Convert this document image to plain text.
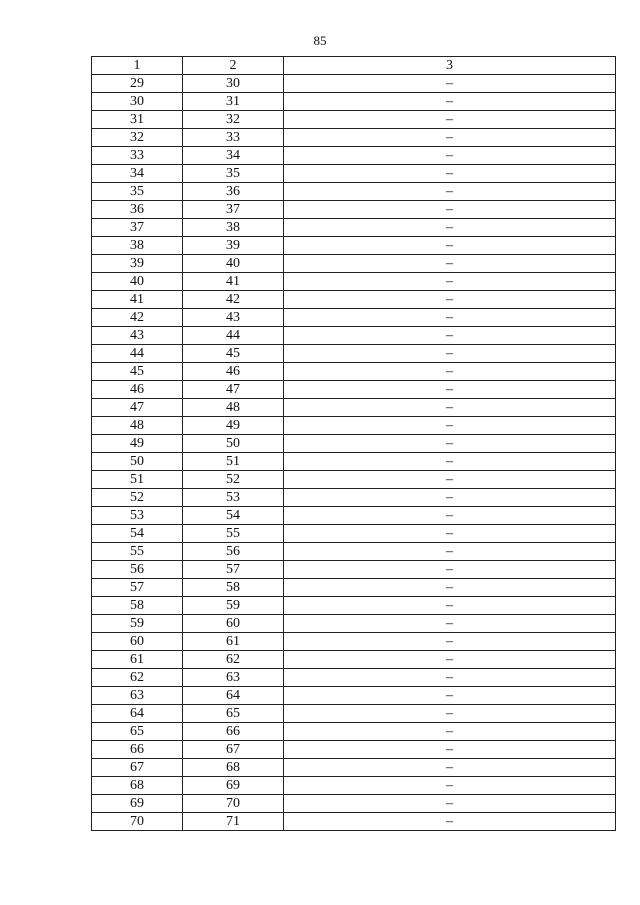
85
1	2	3
29	30	–
30	31	–
31	32	–
32	33	–
33	34	–
34	35	–
35	36	–
36	37	–
37	38	–
38	39	–
39	40	–
40	41	–
41	42	–
42	43	–
43	44	–
44	45	–
45	46	–
46	47	–
47	48	–
48	49	–
49	50	–
50	51	–
51	52	–
52	53	–
53	54	–
54	55	–
55	56	–
56	57	–
57	58	–
58	59	–
59	60	–
60	61	–
61	62	–
62	63	–
63	64	–
64	65	–
65	66	–
66	67	–
67	68	–
68	69	–
69	70	–
70	71	–
